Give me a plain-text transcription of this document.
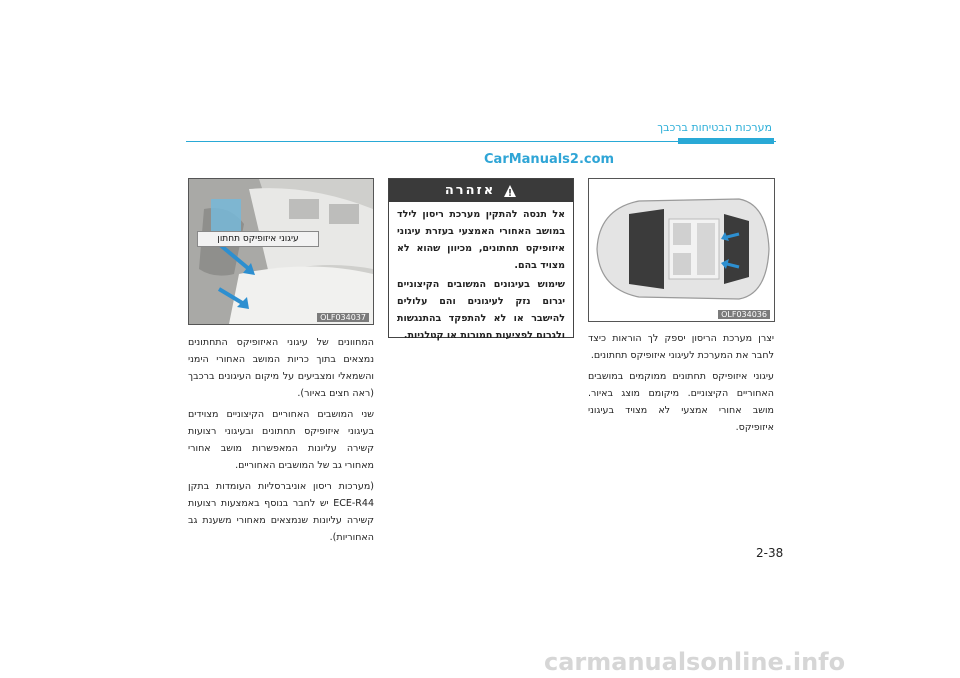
מערכות הבטיחות ברכבך
CarManuals2.com
עיגוני איזופיקס תחתון
OLF034037
אזהרה

אל תנסה להתקין מערכת ריסון לילד במושב האחורי האמצעי בעזרת עיגוני איזופיקס תחתונים, מכיוון שהוא לא מצויד בהם.

שימוש בעיגונים המשובים הקיצוניים יגרום נזק לעיגונים והם עלולים להישבר או לא להתפקד בהתנגשות ולגרום לפציעות חמורות או קטלניות.

OLF034036

המחוונים של עיגוני האיזופיקס התחתונים נמצאים בתוך כריות המושב האחורי הימני והשמאלי ומצביעים על מיקום העיגונים ברכבך (ראה חצים באיור).

שני המושבים האחוריים הקיצוניים מצוידים בעיגוני איזופיקס תחתונים ובעיגוני רצועות קשירה עליונות המאפשרות מושב אחורי מאחורי גב של המושבים האחוריים.

(מערכות ריסון אוניברסליות העומדות בתקן ECE-R44 יש לחבר בנוסף באמצעות רצועות קשירה עליונות שנמצאים מאחורי משענת גב האחוריות).

יצרן מערכת הריסון יספק לך הוראות כיצד לחבר את המערכת לעיגוני איזופיקס תחתונים.

עיגוני איזופיקס תחתונים ממוקמים במושבים האחוריים הקיצוניים. מיקומם מוצג באיור. מושב אחורי אמצעי לא מצויד בעיגוני איזופיקס.

2-38
carmanualsonline.info
